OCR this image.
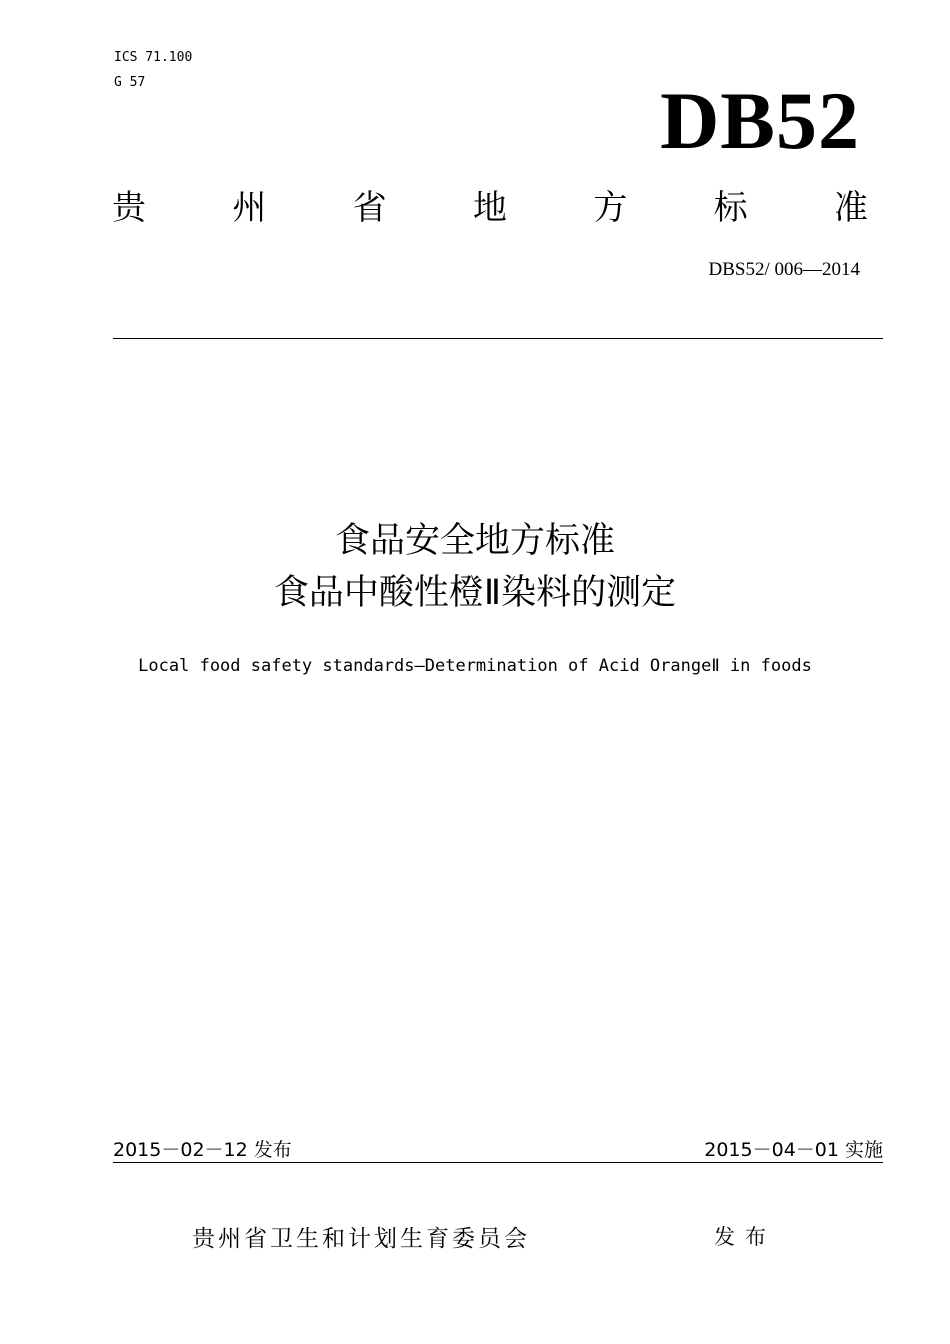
ICS 71.100
G 57	DB52
贵	州	省	地	方	标	准
DBS52/ 006—2014
食品安全地方标准
食品中酸性橙Ⅱ染料的测定
Local food safety standards—Determination of Acid OrangeⅡ in foods
2015－02－12 发布	2015－04－01 实施
贵州省卫生和计划生育委员会	发布
